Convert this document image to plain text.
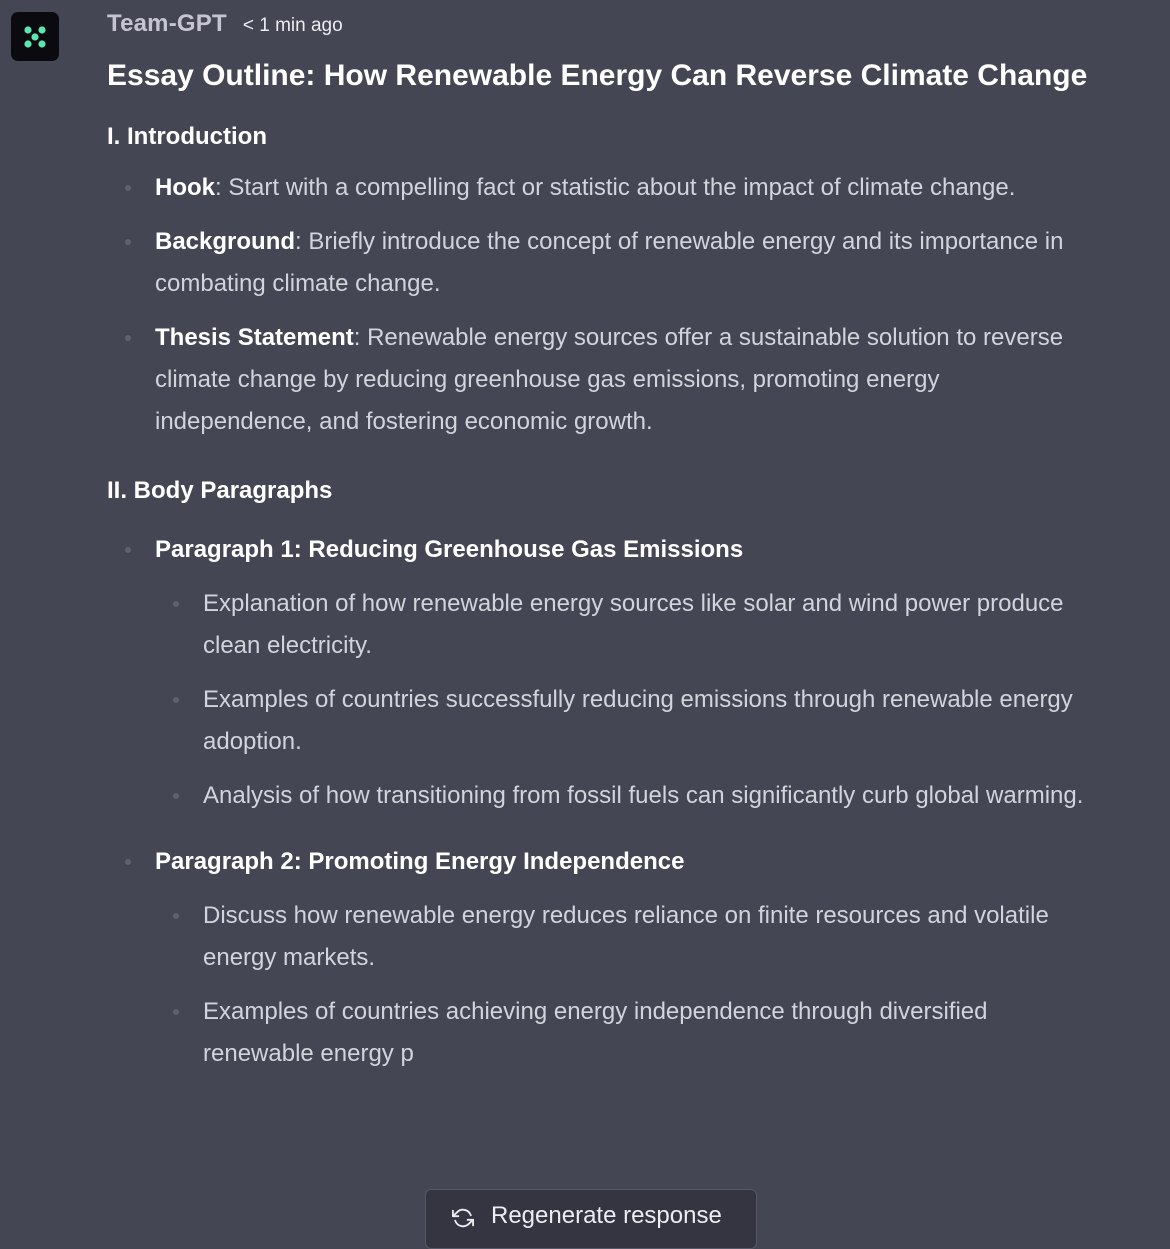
Team-GPT < 1 min ago
Essay Outline: How Renewable Energy Can Reverse Climate Change
I. Introduction
Hook: Start with a compelling fact or statistic about the impact of climate change.
Background: Briefly introduce the concept of renewable energy and its importance in combating climate change.
Thesis Statement: Renewable energy sources offer a sustainable solution to reverse climate change by reducing greenhouse gas emissions, promoting energy independence, and fostering economic growth.
II. Body Paragraphs
Paragraph 1: Reducing Greenhouse Gas Emissions
Explanation of how renewable energy sources like solar and wind power produce clean electricity.
Examples of countries successfully reducing emissions through renewable energy adoption.
Analysis of how transitioning from fossil fuels can significantly curb global warming.
Paragraph 2: Promoting Energy Independence
Discuss how renewable energy reduces reliance on finite resources and volatile energy markets.
Examples of countries achieving energy independence through diversified renewable energy p
Regenerate response
